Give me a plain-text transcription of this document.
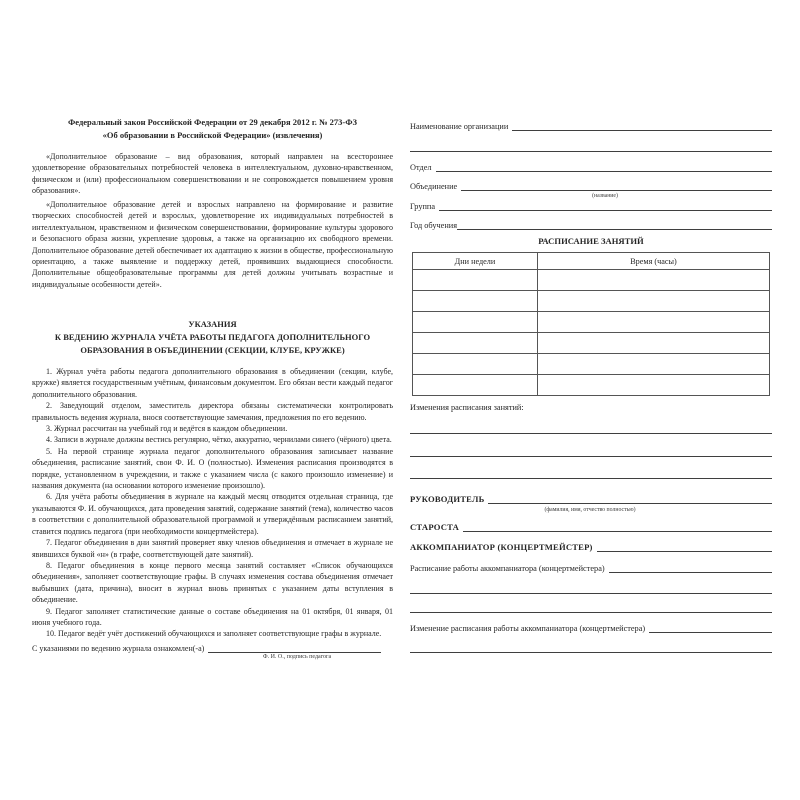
Федеральный закон Российской Федерации от 29 декабря 2012 г. № 273-ФЗ
«Об образовании в Российской Федерации» (извлечения)

«Дополнительное образование – вид образования, который направлен на всестороннее удовлетворение образовательных потребностей человека в интеллектуальном, духовно-нравственном, физическом и (или) профессиональном совершенствовании и не сопровождается повышением уровня образования».

«Дополнительное образование детей и взрослых направлено на формирование и развитие творческих способностей детей и взрослых, удовлетворение их индивидуальных потребностей в интеллектуальном, нравственном и физическом совершенствовании, формирование культуры здорового и безопасного образа жизни, укрепление здоровья, а также на организацию их свободного времени. Дополнительное образование детей обеспечивает их адаптацию к жизни в обществе, профессиональную ориентацию, а также выявление и поддержку детей, проявивших выдающиеся способности. Дополнительные общеобразовательные программы для детей должны учитывать возрастные и индивидуальные особенности детей».

УКАЗАНИЯ
К ВЕДЕНИЮ ЖУРНАЛА УЧЁТА РАБОТЫ ПЕДАГОГА ДОПОЛНИТЕЛЬНОГО
ОБРАЗОВАНИЯ В ОБЪЕДИНЕНИИ (СЕКЦИИ, КЛУБЕ, КРУЖКЕ)

1. Журнал учёта работы педагога дополнительного образования в объединении (секции, клубе, кружке) является государственным учётным, финансовым документом. Его обязан вести каждый педагог дополнительного образования.

2. Заведующий отделом, заместитель директора обязаны систематически контролировать правильность ведения журнала, внося соответствующие замечания, предложения по его ведению.

3. Журнал рассчитан на учебный год и ведётся в каждом объединении.

4. Записи в журнале должны вестись регулярно, чётко, аккуратно, чернилами синего (чёрного) цвета.

5. На первой странице журнала педагог дополнительного образования записывает название объединения, расписание занятий, свои Ф. И. О (полностью). Изменения расписания производятся в порядке, установленном в учреждении, и также с указанием числа (с какого произошло изменение) и названия документа (на основании которого изменение произошло).

6. Для учёта работы объединения в журнале на каждый месяц отводится отдельная страница, где указываются Ф. И. обучающихся, дата проведения занятий, содержание занятий (тема), количество часов в соответствии с дополнительной образовательной программой и утверждённым расписанием занятий, ставится подпись педагога (при необходимости концертмейстера).

7. Педагог объединения в дни занятий проверяет явку членов объединения и отмечает в журнале не явившихся буквой «н» (в графе, соответствующей дате занятий).

8. Педагог объединения в конце первого месяца занятий составляет «Список обучающихся объединения», заполняет соответствующие графы. В случаях изменения состава объединения отмечает выбывших (дата, причина), вносит в журнал вновь принятых с указанием даты вступления в объединение.

9. Педагог заполняет статистические данные о составе объединения на 01 октября, 01 января, 01 июня учебного года.

10. Педагог ведёт учёт достижений обучающихся и заполняет соответствующие графы в журнале.

С указаниями по ведению журнала ознакомлен(-а)
Ф. И. О., подпись педагога
Наименование организации
Отдел
Объединение
(название)
Группа
Год обучения
РАСПИСАНИЕ ЗАНЯТИЙ
Дни недели	Время (часы)

Изменения расписания занятий:
РУКОВОДИТЕЛЬ
(фамилия, имя, отчество полностью)
СТАРОСТА
АККОМПАНИАТОР (КОНЦЕРТМЕЙСТЕР)
Расписание работы аккомпаниатора (концертмейстера)
Изменение расписания работы аккомпаниатора (концертмейстера)
